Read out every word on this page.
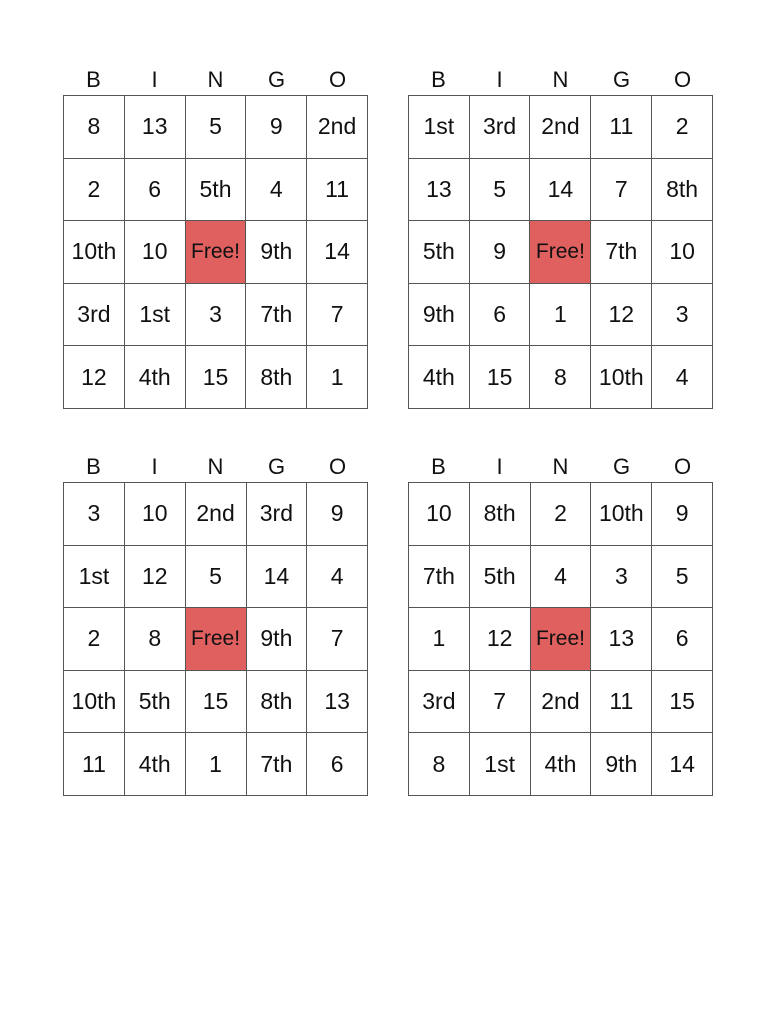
B	I	N	G	O
8	13	5	9	2nd
2	6	5th	4	11
10th	10	Free!	9th	14
3rd	1st	3	7th	7
12	4th	15	8th	1
B	I	N	G	O
1st	3rd	2nd	11	2
13	5	14	7	8th
5th	9	Free!	7th	10
9th	6	1	12	3
4th	15	8	10th	4
B	I	N	G	O
3	10	2nd	3rd	9
1st	12	5	14	4
2	8	Free!	9th	7
10th	5th	15	8th	13
11	4th	1	7th	6
B	I	N	G	O
10	8th	2	10th	9
7th	5th	4	3	5
1	12	Free!	13	6
3rd	7	2nd	11	15
8	1st	4th	9th	14
